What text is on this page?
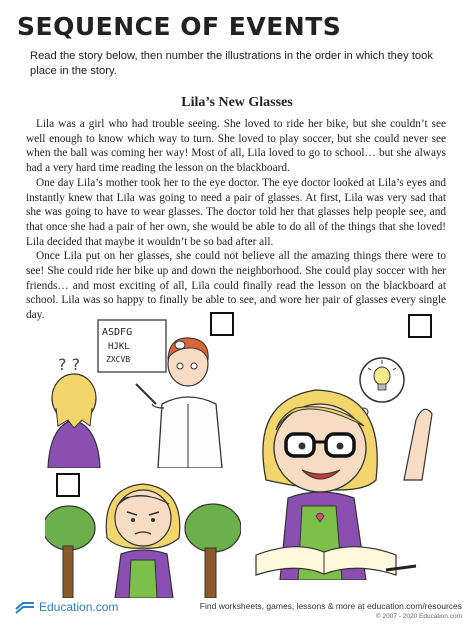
SEQUENCE OF EVENTS
Read the story below, then number the illustrations in the order in which they took place in the story.
Lila’s New Glasses

Lila was a girl who had trouble seeing. She loved to ride her bike, but she couldn’t see well enough to know which way to turn. She loved to play soccer, but she could never see when the ball was coming her way! Most of all, Lila loved to go to school… but she always had a very hard time reading the lesson on the blackboard.

One day Lila’s mother took her to the eye doctor. The eye doctor looked at Lila’s eyes and instantly knew that Lila was going to need a pair of glasses. At first, Lila was very sad that she was going to have to wear glasses. The doctor told her that glasses help people see, and that once she had a pair of her own, she would be able to do all of the things that she loved! Lila decided that maybe it wouldn’t be so bad after all.

Once Lila put on her glasses, she could not believe all the amazing things there were to see! She could ride her bike up and down the neighborhood. She could play soccer with her friends… and most exciting of all, Lila could finally read the lesson on the blackboard at school. Lila was so happy to finally be able to see, and wore her pair of glasses every single day.

ASDFG
HJKL
ZXCVB
? ?
Education.com	Find worksheets, games, lessons & more at education.com/resources
© 2007 - 2020 Education.com
